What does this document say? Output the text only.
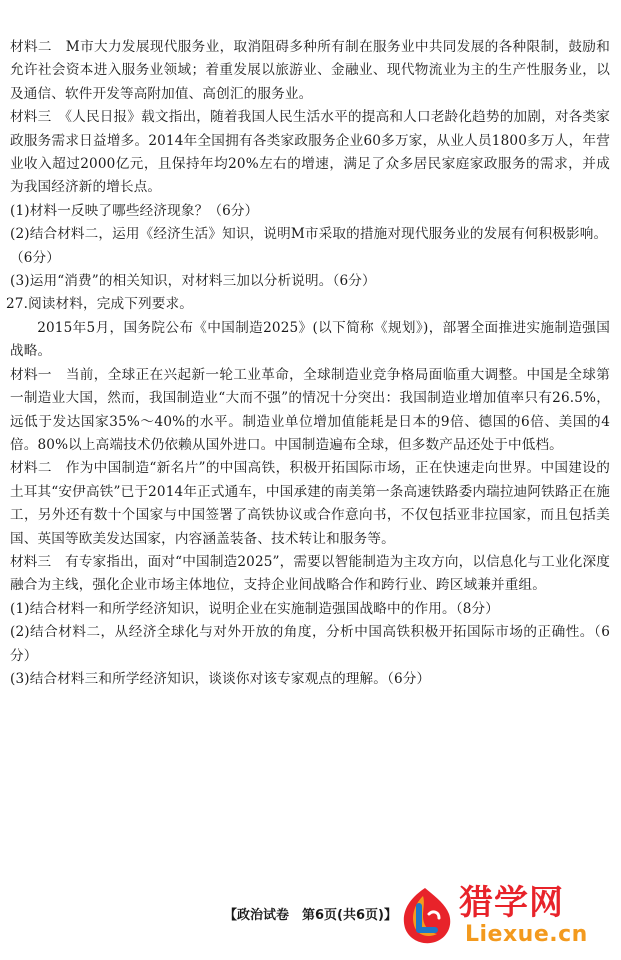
材料二　M市大力发展现代服务业，取消阻碍多种所有制在服务业中共同发展的各种限制，鼓励和允许社会资本进入服务业领域；着重发展以旅游业、金融业、现代物流业为主的生产性服务业，以及通信、软件开发等高附加值、高创汇的服务业。

材料三　《人民日报》载文指出，随着我国人民生活水平的提高和人口老龄化趋势的加剧，对各类家政服务需求日益增多。2014年全国拥有各类家政服务企业60多万家，从业人员1800多万人，年营业收入超过2000亿元，且保持年均20%左右的增速，满足了众多居民家庭家政服务的需求，并成为我国经济新的增长点。

(1)材料一反映了哪些经济现象？（6分）

(2)结合材料二，运用《经济生活》知识，说明M市采取的措施对现代服务业的发展有何积极影响。（6分）

(3)运用“消费”的相关知识，对材料三加以分析说明。（6分）

27.阅读材料，完成下列要求。

2015年5月，国务院公布《中国制造2025》(以下简称《规划》)，部署全面推进实施制造强国战略。

材料一　当前，全球正在兴起新一轮工业革命，全球制造业竞争格局面临重大调整。中国是全球第一制造业大国，然而，我国制造业“大而不强”的情况十分突出：我国制造业增加值率只有26.5%，远低于发达国家35%～40%的水平。制造业单位增加值能耗是日本的9倍、德国的6倍、美国的4倍。80%以上高端技术仍依赖从国外进口。中国制造遍布全球，但多数产品还处于中低档。

材料二　作为中国制造“新名片”的中国高铁，积极开拓国际市场，正在快速走向世界。中国建设的土耳其“安伊高铁”已于2014年正式通车，中国承建的南美第一条高速铁路委内瑞拉迪阿铁路正在施工，另外还有数十个国家与中国签署了高铁协议或合作意向书，不仅包括亚非拉国家，而且包括美国、英国等欧美发达国家，内容涵盖装备、技术转让和服务等。

材料三　有专家指出，面对“中国制造2025”，需要以智能制造为主攻方向，以信息化与工业化深度融合为主线，强化企业市场主体地位，支持企业间战略合作和跨行业、跨区域兼并重组。

(1)结合材料一和所学经济知识，说明企业在实施制造强国战略中的作用。（8分）

(2)结合材料二，从经济全球化与对外开放的角度，分析中国高铁积极开拓国际市场的正确性。（6分）

(3)结合材料三和所学经济知识，谈谈你对该专家观点的理解。（6分）

【政治试卷　第6页(共6页)】	猎学网
Liexue.cn
